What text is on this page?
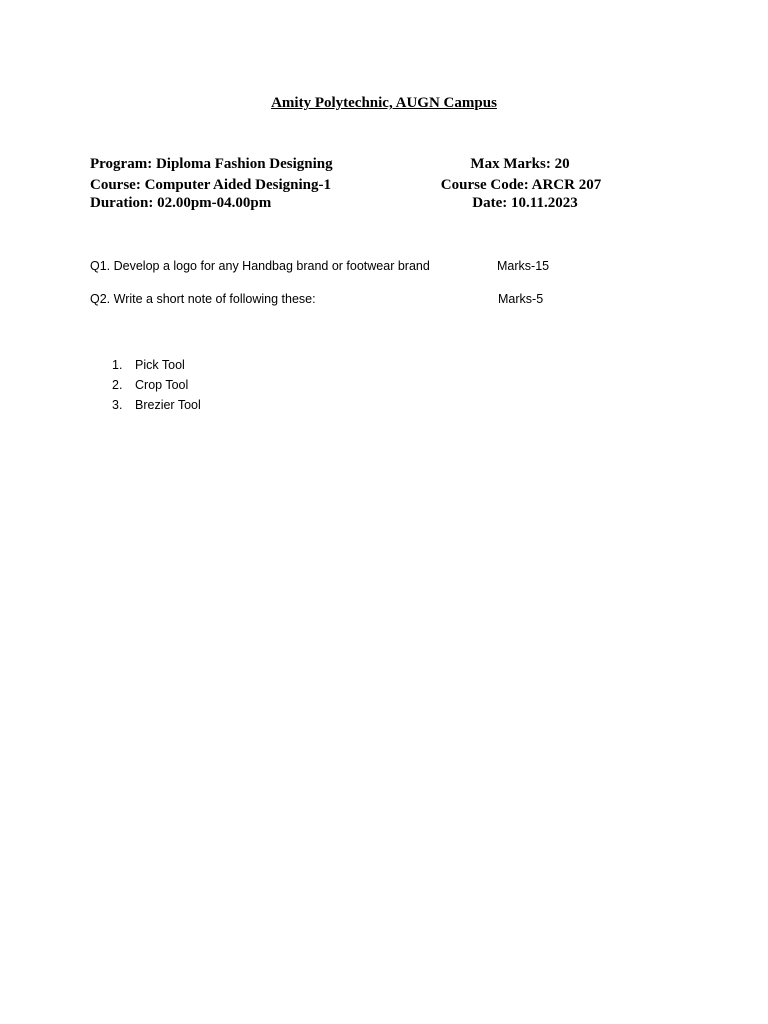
Amity Polytechnic, AUGN Campus
Program: Diploma Fashion Designing	Max Marks: 20
Course: Computer Aided Designing-1	Course Code: ARCR 207
Duration: 02.00pm-04.00pm	Date: 10.11.2023
Q1. Develop a logo for any Handbag brand or footwear brand	Marks-15
Q2. Write a short note of following these:	Marks-5
1. Pick Tool
2. Crop Tool
3. Brezier Tool
